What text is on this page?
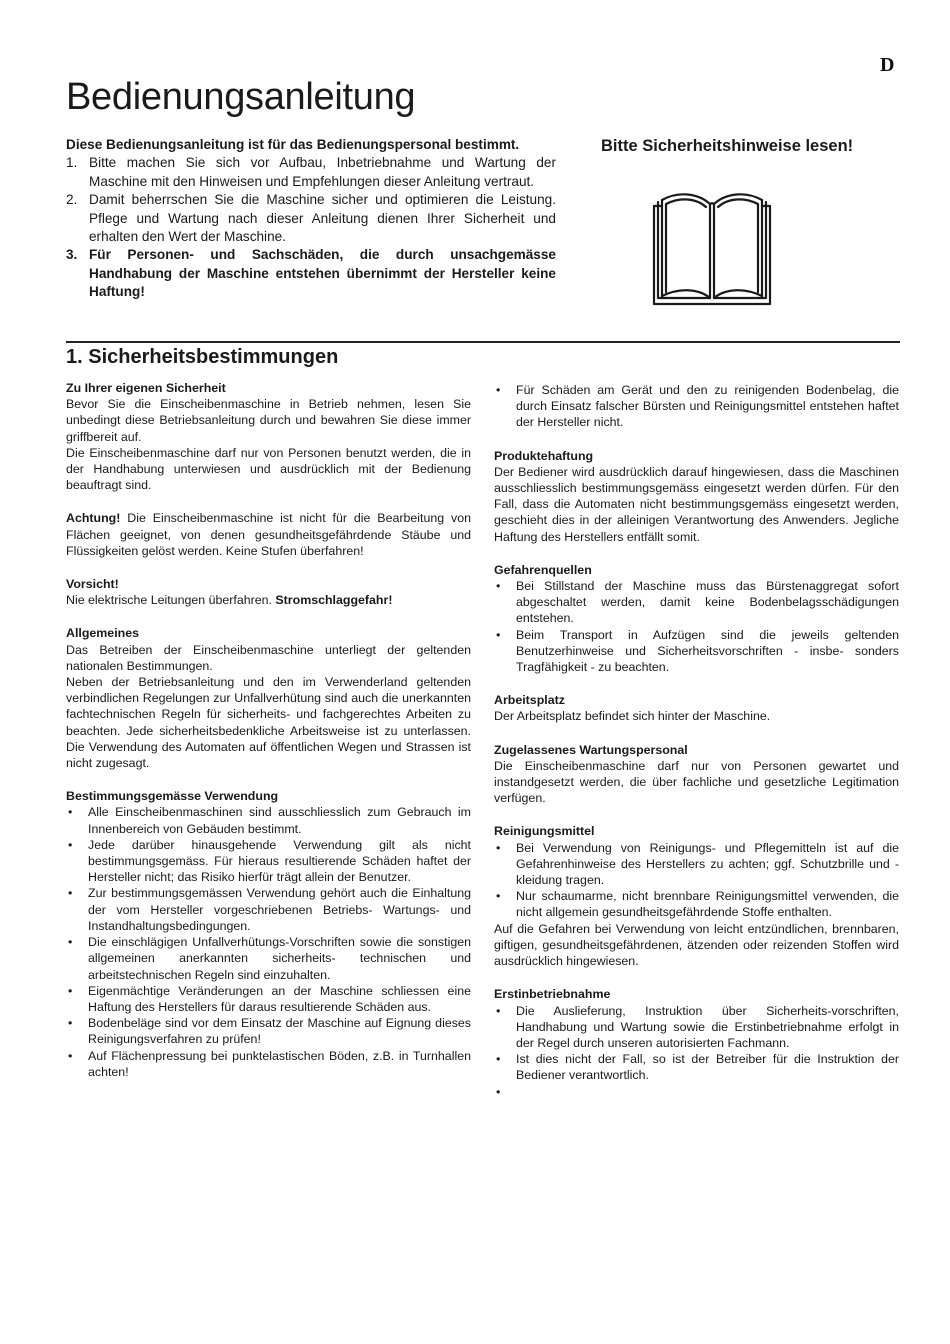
D
Bedienungsanleitung

Diese Bedienungsanleitung ist für das Bedienungspersonal bestimmt.

1. Bitte machen Sie sich vor Aufbau, Inbetriebnahme und Wartung der Maschine mit den Hinweisen und Empfehlungen dieser Anleitung vertraut.
2. Damit beherrschen Sie die Maschine sicher und optimieren die Leistung. Pflege und Wartung nach dieser Anleitung dienen Ihrer Sicherheit und erhalten den Wert der Maschine.
3. Für Personen- und Sachschäden, die durch unsachgemässe Handhabung der Maschine entstehen übernimmt der Hersteller keine Haftung!
Bitte Sicherheitshinweise lesen!
1. Sicherheitsbestimmungen
Zu Ihrer eigenen Sicherheit

Bevor Sie die Einscheibenmaschine in Betrieb nehmen, lesen Sie unbedingt diese Betriebsanleitung durch und bewahren Sie diese immer griffbereit auf.

Die Einscheibenmaschine darf nur von Personen benutzt werden, die in der Handhabung unterwiesen und ausdrücklich mit der Bedienung beauftragt sind.

Achtung! Die Einscheibenmaschine ist nicht für die Bearbeitung von Flächen geeignet, von denen gesundheitsgefährdende Stäube und Flüssigkeiten gelöst werden. Keine Stufen überfahren!

Vorsicht!

Nie elektrische Leitungen überfahren. Stromschlaggefahr!

Allgemeines

Das Betreiben der Einscheibenmaschine unterliegt der geltenden nationalen Bestimmungen.

Neben der Betriebsanleitung und den im Verwenderland geltenden verbindlichen Regelungen zur Unfallverhütung sind auch die unerkannten fachtechnischen Regeln für sicherheits- und fachgerechtes Arbeiten zu beachten. Jede sicherheitsbedenkliche Arbeitsweise ist zu unterlassen. Die Verwendung des Automaten auf öffentlichen Wegen und Strassen ist nicht zugesagt.

Bestimmungsgemässe Verwendung
•	Alle Einscheibenmaschinen sind ausschliesslich zum Gebrauch im Innenbereich von Gebäuden bestimmt.
•	Jede darüber hinausgehende Verwendung gilt als nicht bestimmungsgemäss. Für hieraus resultierende Schäden haftet der Hersteller nicht; das Risiko hierfür trägt allein der Benutzer.
•	Zur bestimmungsgemässen Verwendung gehört auch die Einhaltung der vom Hersteller vorgeschriebenen Betriebs- Wartungs- und Instandhaltungsbedingungen.
•	Die einschlägigen Unfallverhütungs-Vorschriften sowie die sonstigen allgemeinen anerkannten sicherheits- technischen und arbeitstechnischen Regeln sind einzuhalten.
•	Eigenmächtige Veränderungen an der Maschine schliessen eine Haftung des Herstellers für daraus resultierende Schäden aus.
•	Bodenbeläge sind vor dem Einsatz der Maschine auf Eignung dieses Reinigungsverfahren zu prüfen!
•	Auf Flächenpressung bei punktelastischen Böden, z.B. in Turnhallen achten!
•	Für Schäden am Gerät und den zu reinigenden Bodenbelag, die durch Einsatz falscher Bürsten und Reinigungsmittel entstehen haftet der Hersteller nicht.
Produktehaftung

Der Bediener wird ausdrücklich darauf hingewiesen, dass die Maschinen ausschliesslich bestimmungsgemäss eingesetzt werden dürfen. Für den Fall, dass die Automaten nicht bestimmungsgemäss eingesetzt werden, geschieht dies in der alleinigen Verantwortung des Anwenders. Jegliche Haftung des Herstellers entfällt somit.

Gefahrenquellen
•	Bei Stillstand der Maschine muss das Bürstenaggregat sofort abgeschaltet werden, damit keine Bodenbelagsschädigungen entstehen.
•	Beim Transport in Aufzügen sind die jeweils geltenden Benutzerhinweise und Sicherheitsvorschriften - insbe- sonders Tragfähigkeit - zu beachten.
Arbeitsplatz

Der Arbeitsplatz befindet sich hinter der Maschine.

Zugelassenes Wartungspersonal

Die Einscheibenmaschine darf nur von Personen gewartet und instandgesetzt werden, die über fachliche und gesetzliche Legitimation verfügen.

Reinigungsmittel
•	Bei Verwendung von Reinigungs- und Pflegemitteln ist auf die Gefahrenhinweise des Herstellers zu achten; ggf. Schutzbrille und -kleidung tragen.
•	Nur schaumarme, nicht brennbare Reinigungsmittel verwenden, die nicht allgemein gesundheitsgefährdende Stoffe enthalten.

Auf die Gefahren bei Verwendung von leicht entzündlichen, brennbaren, giftigen, gesundheitsgefährdenen, ätzenden oder reizenden Stoffen wird ausdrücklich hingewiesen.

Erstinbetriebnahme
•	Die Auslieferung, Instruktion über Sicherheits-vorschriften, Handhabung und Wartung sowie die Erstinbetriebnahme erfolgt in der Regel durch unseren autorisierten Fachmann.
•	Ist dies nicht der Fall, so ist der Betreiber für die Instruktion der Bediener verantwortlich.
•
